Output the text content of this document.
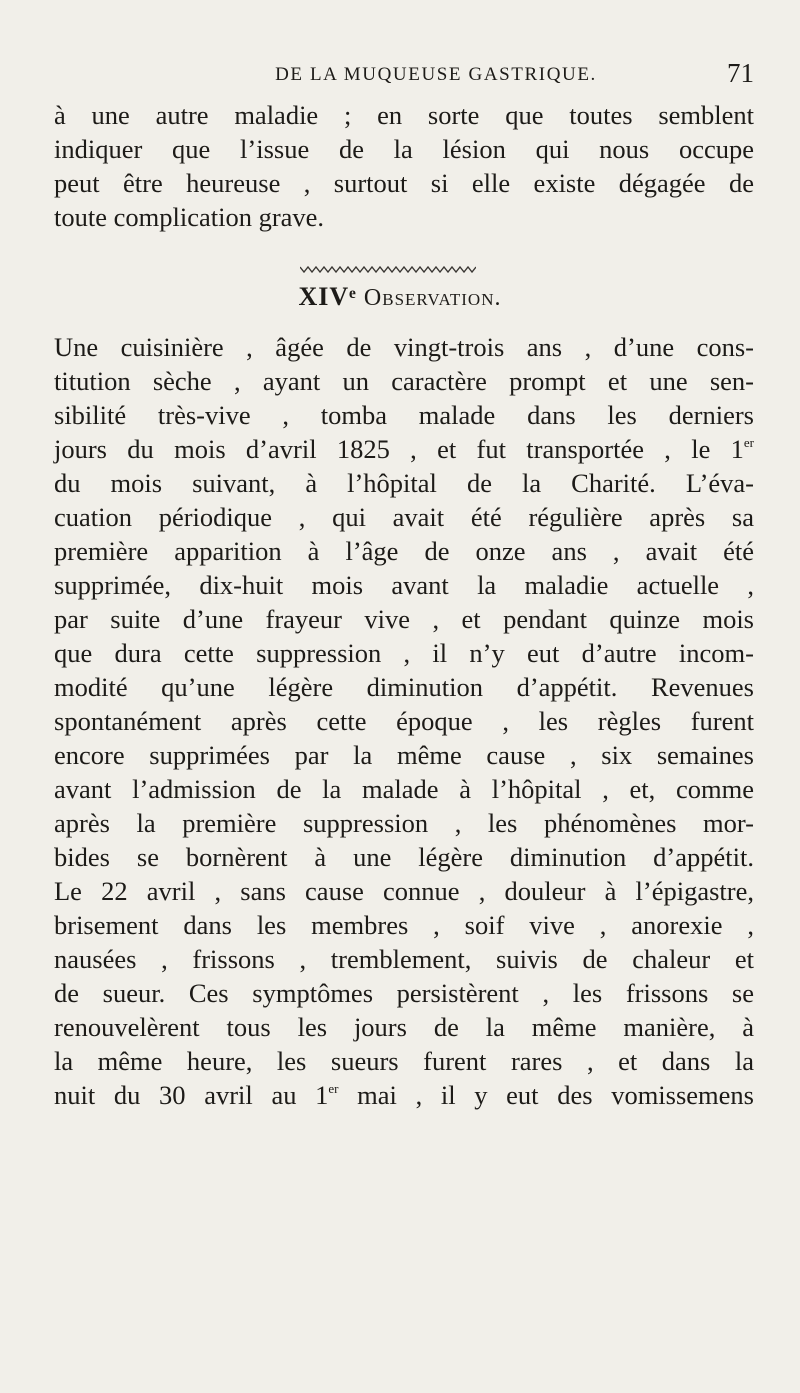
DE LA MUQUEUSE GASTRIQUE.	71
à une autre maladie ; en sorte que toutes semblent
indiquer que l’issue de la lésion qui nous occupe
peut être heureuse , surtout si elle existe dégagée de
toute complication grave.
XIVᵉ Observation.
Une cuisinière , âgée de vingt-trois ans , d’une cons-
titution sèche , ayant un caractère prompt et une sen-
sibilité très-vive , tomba malade dans les derniers
jours du mois d’avril 1825 , et fut transportée , le 1er
du mois suivant, à l’hôpital de la Charité. L’éva-
cuation périodique , qui avait été régulière après sa
première apparition à l’âge de onze ans , avait été
supprimée, dix-huit mois avant la maladie actuelle ,
par suite d’une frayeur vive , et pendant quinze mois
que dura cette suppression , il n’y eut d’autre incom-
modité qu’une légère diminution d’appétit. Revenues
spontanément après cette époque , les règles furent
encore supprimées par la même cause , six semaines
avant l’admission de la malade à l’hôpital , et, comme
après la première suppression , les phénomènes mor-
bides se bornèrent à une légère diminution d’appétit.
Le 22 avril , sans cause connue , douleur à l’épigastre,
brisement dans les membres , soif vive , anorexie ,
nausées , frissons , tremblement, suivis de chaleur et
de sueur. Ces symptômes persistèrent , les frissons se
renouvelèrent tous les jours de la même manière, à
la même heure, les sueurs furent rares , et dans la
nuit du 30 avril au 1er mai , il y eut des vomissemens
